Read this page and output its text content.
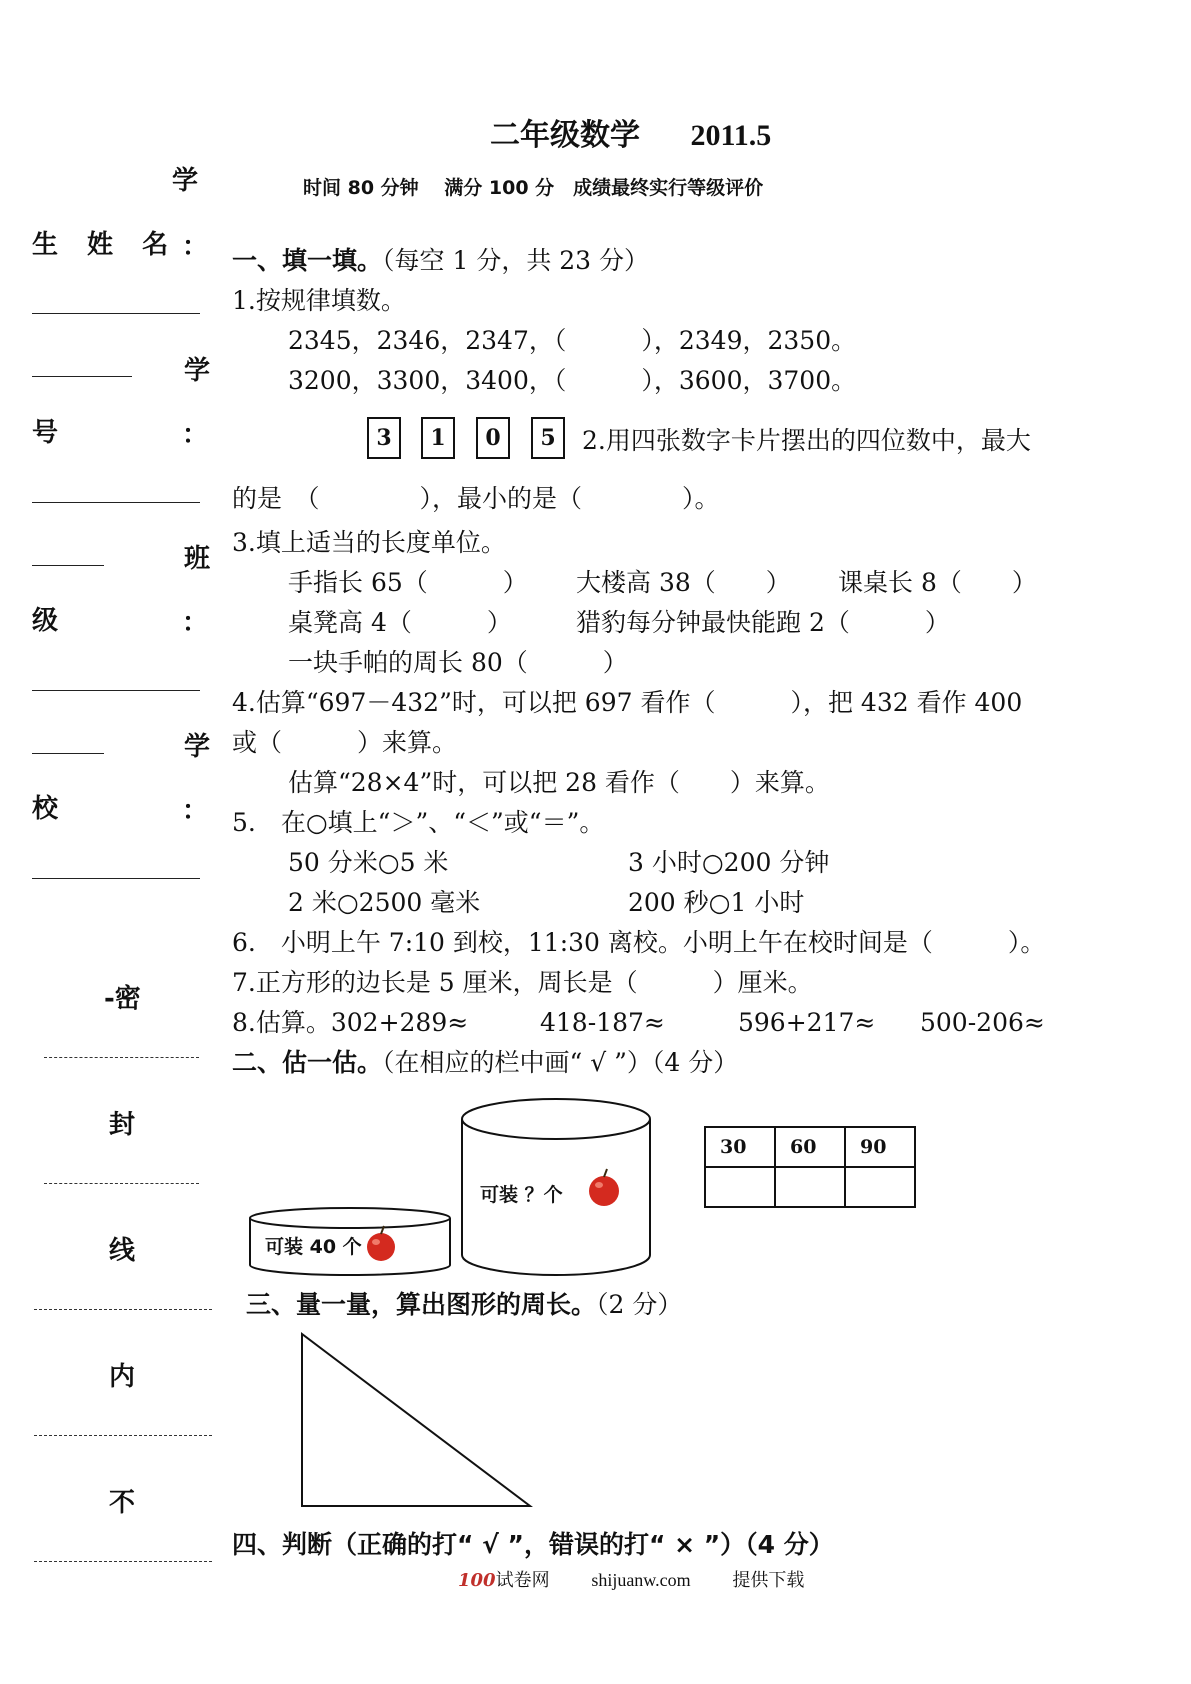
二年级数学 2011.5
时间 80 分钟　 满分 100 分　成绩最终实行等级评价
学
生 姓 名 ：
学
号	：
班
级	：
学
校	：
-密
封
线
内
不
一、填一填。（每空 1 分，共 23 分）
1.按规律填数。
2345，2346，2347，（　　　），2349，2350。
3200，3300，3400，（　　　），3600，3700。
3	1	0	5	2.用四张数字卡片摆出的四位数中，最大
的是　（　　　　），最小的是（　　　　）。
3.填上适当的长度单位。
手指长 65（　　　） 大楼高 38（　　） 课桌长 8（　　）
桌凳高 4（　　　）	猎豹每分钟最快能跑 2（　　　）
一块手帕的周长 80（　　　）
4.估算“697－432”时，可以把 697 看作（　　　），把 432 看作 400
或（　　　）来算。
估算“28×4”时，可以把 28 看作（　　）来算。
5.　在○填上“＞”、“＜”或“＝”。
50 分米○5 米	3 小时○200 分钟
2 米○2500 毫米	200 秒○1 小时
6.　小明上午 7:10 到校，11:30 离校。小明上午在校时间是（　　　）。
7.正方形的边长是 5 厘米，周长是（　　　）厘米。
8.估算。302+289≈	418-187≈	596+217≈ 500-206≈
二、估一估。（在相应的栏中画“ √ ”）（4 分）
可装 ？个
可装 40 个
30	60	90

三、量一量，算出图形的周长。（2 分）
四、判断（正确的打“ √ ”，错误的打“ × ”）（4 分）
100试卷网 shijuanw.com 提供下载
